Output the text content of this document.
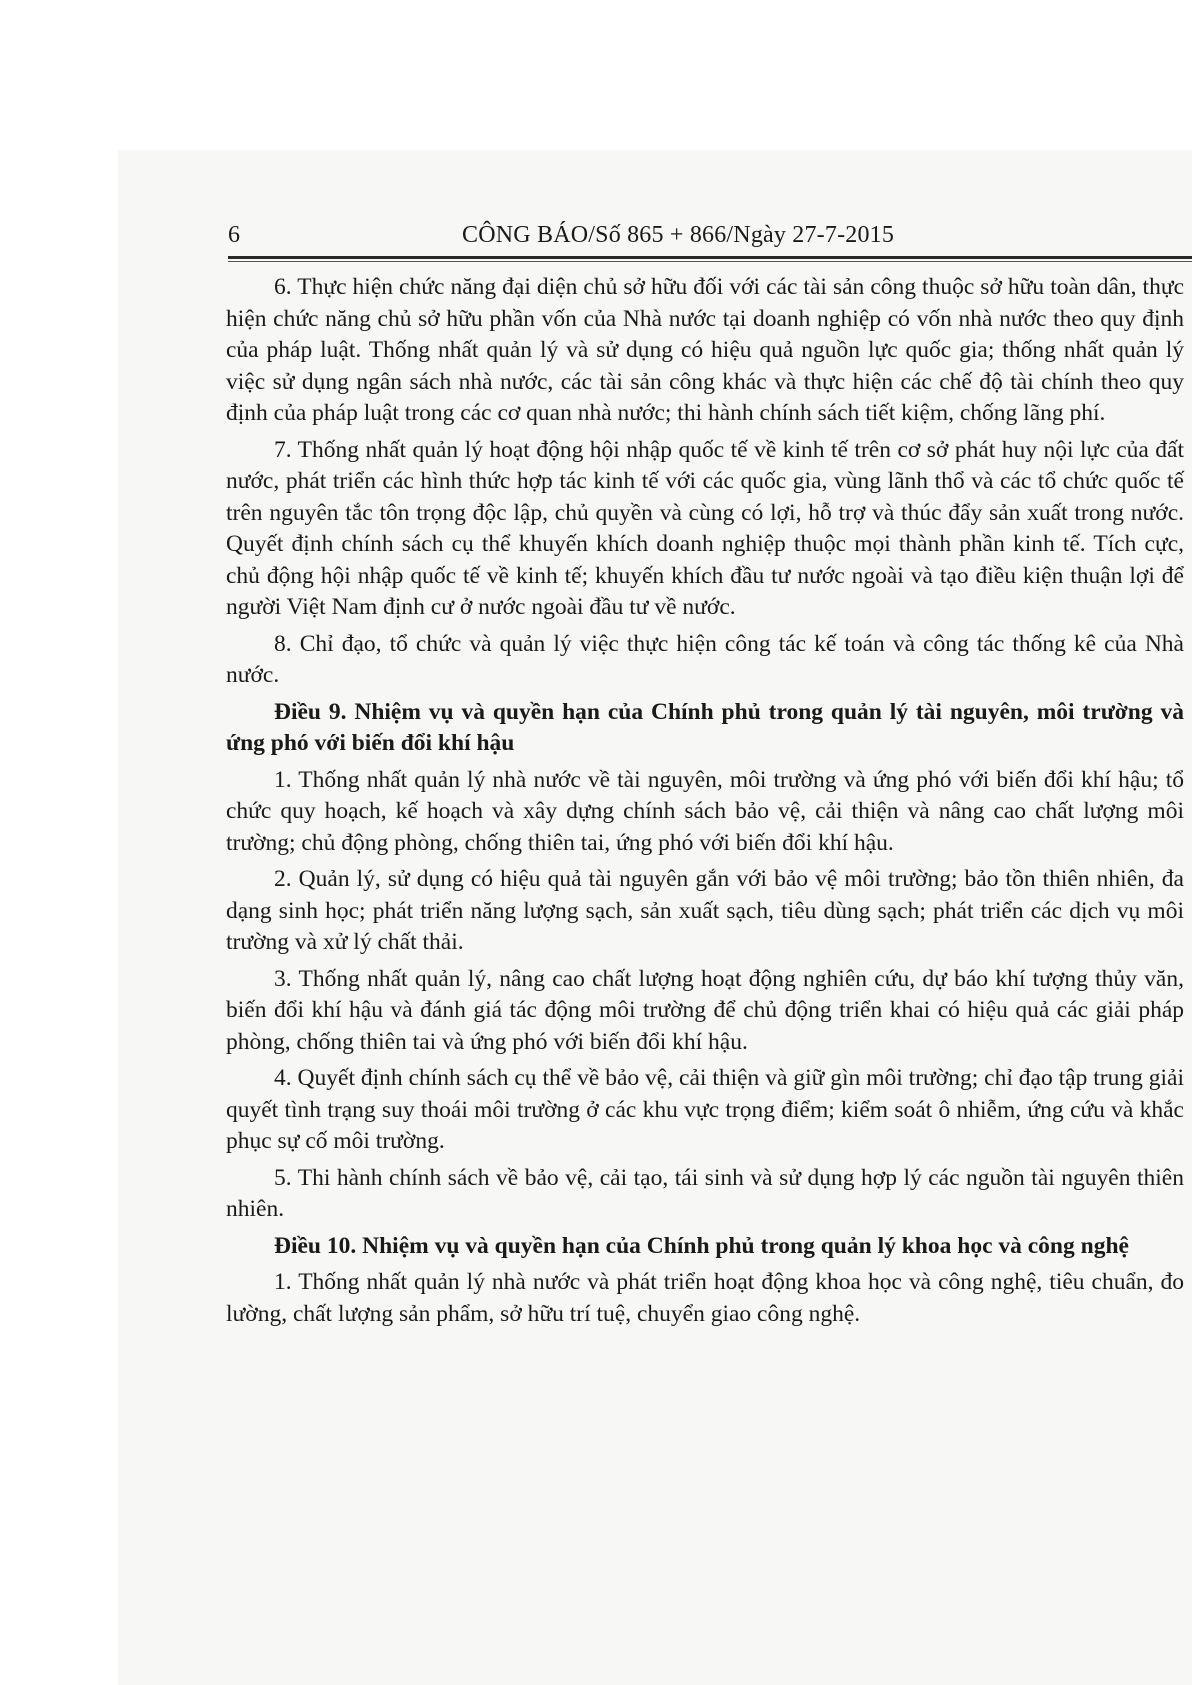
6	CÔNG BÁO/Số 865 + 866/Ngày 27-7-2015

6. Thực hiện chức năng đại diện chủ sở hữu đối với các tài sản công thuộc sở hữu toàn dân, thực hiện chức năng chủ sở hữu phần vốn của Nhà nước tại doanh nghiệp có vốn nhà nước theo quy định của pháp luật. Thống nhất quản lý và sử dụng có hiệu quả nguồn lực quốc gia; thống nhất quản lý việc sử dụng ngân sách nhà nước, các tài sản công khác và thực hiện các chế độ tài chính theo quy định của pháp luật trong các cơ quan nhà nước; thi hành chính sách tiết kiệm, chống lãng phí.

7. Thống nhất quản lý hoạt động hội nhập quốc tế về kinh tế trên cơ sở phát huy nội lực của đất nước, phát triển các hình thức hợp tác kinh tế với các quốc gia, vùng lãnh thổ và các tổ chức quốc tế trên nguyên tắc tôn trọng độc lập, chủ quyền và cùng có lợi, hỗ trợ và thúc đẩy sản xuất trong nước. Quyết định chính sách cụ thể khuyến khích doanh nghiệp thuộc mọi thành phần kinh tế. Tích cực, chủ động hội nhập quốc tế về kinh tế; khuyến khích đầu tư nước ngoài và tạo điều kiện thuận lợi để người Việt Nam định cư ở nước ngoài đầu tư về nước.

8. Chỉ đạo, tổ chức và quản lý việc thực hiện công tác kế toán và công tác thống kê của Nhà nước.

Điều 9. Nhiệm vụ và quyền hạn của Chính phủ trong quản lý tài nguyên, môi trường và ứng phó với biến đổi khí hậu

1. Thống nhất quản lý nhà nước về tài nguyên, môi trường và ứng phó với biến đổi khí hậu; tổ chức quy hoạch, kế hoạch và xây dựng chính sách bảo vệ, cải thiện và nâng cao chất lượng môi trường; chủ động phòng, chống thiên tai, ứng phó với biến đổi khí hậu.

2. Quản lý, sử dụng có hiệu quả tài nguyên gắn với bảo vệ môi trường; bảo tồn thiên nhiên, đa dạng sinh học; phát triển năng lượng sạch, sản xuất sạch, tiêu dùng sạch; phát triển các dịch vụ môi trường và xử lý chất thải.

3. Thống nhất quản lý, nâng cao chất lượng hoạt động nghiên cứu, dự báo khí tượng thủy văn, biến đổi khí hậu và đánh giá tác động môi trường để chủ động triển khai có hiệu quả các giải pháp phòng, chống thiên tai và ứng phó với biến đổi khí hậu.

4. Quyết định chính sách cụ thể về bảo vệ, cải thiện và giữ gìn môi trường; chỉ đạo tập trung giải quyết tình trạng suy thoái môi trường ở các khu vực trọng điểm; kiểm soát ô nhiễm, ứng cứu và khắc phục sự cố môi trường.

5. Thi hành chính sách về bảo vệ, cải tạo, tái sinh và sử dụng hợp lý các nguồn tài nguyên thiên nhiên.

Điều 10. Nhiệm vụ và quyền hạn của Chính phủ trong quản lý khoa học và công nghệ

1. Thống nhất quản lý nhà nước và phát triển hoạt động khoa học và công nghệ, tiêu chuẩn, đo lường, chất lượng sản phẩm, sở hữu trí tuệ, chuyển giao công nghệ.
